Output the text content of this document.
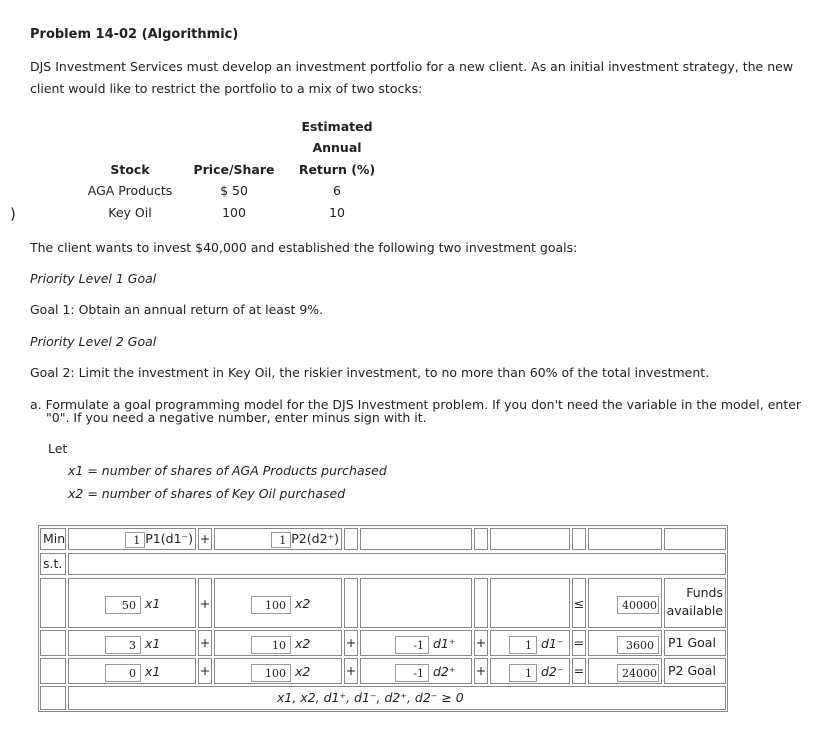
Problem 14-02 (Algorithmic)
DJS Investment Services must develop an investment portfolio for a new client. As an initial investment strategy, the new
client would like to restrict the portfolio to a mix of two stocks:
)
Estimated
Annual
Stock	Price/Share	Return (%)
AGA Products	$ 50	6
Key Oil	100	10
The client wants to invest $40,000 and established the following two investment goals:
Priority Level 1 Goal
Goal 1: Obtain an annual return of at least 9%.
Priority Level 2 Goal
Goal 2: Limit the investment in Key Oil, the riskier investment, to no more than 60% of the total investment.
a. Formulate a goal programming model for the DJS Investment problem. If you don't need the variable in the model, enter
"0". If you need a negative number, enter minus sign with it.
Let
x1 = number of shares of AGA Products purchased
x2 = number of shares of Key Oil purchased
Min	1 P1(d1⁻) +	1 P2(d2⁺)
s.t.
50 x1	+	100 x2	≤	40000
Funds
available
3 x1	+	10 x2	+	-1 d1⁺	+	1 d1⁻ =	3600	P1 Goal
0 x1	+	100 x2	+	-1 d2⁺	+	1 d2⁻ =	24000 P2 Goal
x1, x2, d1⁺, d1⁻, d2⁺, d2⁻ ≥ 0
